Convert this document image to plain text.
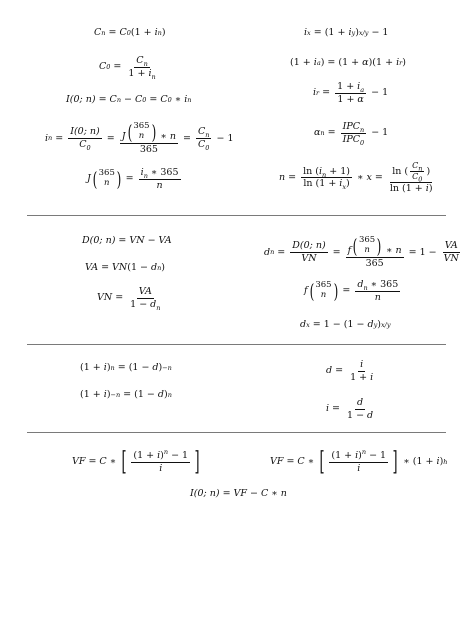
C n = C 0 ( 1 + i n )
C $0 = \frac{C_n}{1 + i_n}$
I(0; n) = C n − C 0 = C 0 ∗ i n
i $n = \frac{I(0; n)}{C_0} = J$ ( 365
n ) ∗ n
$365 = \frac{C_n}{C_0} - 1$
J ( 365
n ) = $\frac{i_n ∗ 365}{n}$
i x = ( 1 + i y ) x/y − 1
( 1 + i a ) = ( 1 + α ) ( 1 + i r )
i $r = \frac{1 + i_a}{1 + \alpha} - 1$
α $n = \frac{IPC_n}{IPC_0} - 1$
$n = \frac{\ln (i_n + 1)}{\ln (1 + i_x)}$ ∗ $x = \frac{\ln ( \frac{C_n}{C_0} )}{\ln (1 + i)}$
D(0; n) = VN − VA
VA = VN ( 1 − d n )
VN = $\frac{VA}{1 - d_n}$
d $n = \frac{D(0; n)}{VN} = f$ ( 365
n ) ∗ n
$365 = 1 - \frac{VA}{VN}$
f ( 365
n ) = $\frac{d_n ∗ 365}{n}$
d x = 1 − ( 1 − d y ) x/y
( 1 + i ) n = ( 1 − d ) −n
( 1 + i ) −n = ( 1 − d ) n
$d = \frac{i}{1 + i}$
$i = \frac{d}{1 - d}$
VF = C ∗ [ $\frac{(1 + i)^n - 1}{i}$ ]	VF = C ∗ [ $\frac{(1 + i)^n - 1}{i}$ ] ∗ ( 1 + i ) h
I(0; n) = VF − C ∗ n
